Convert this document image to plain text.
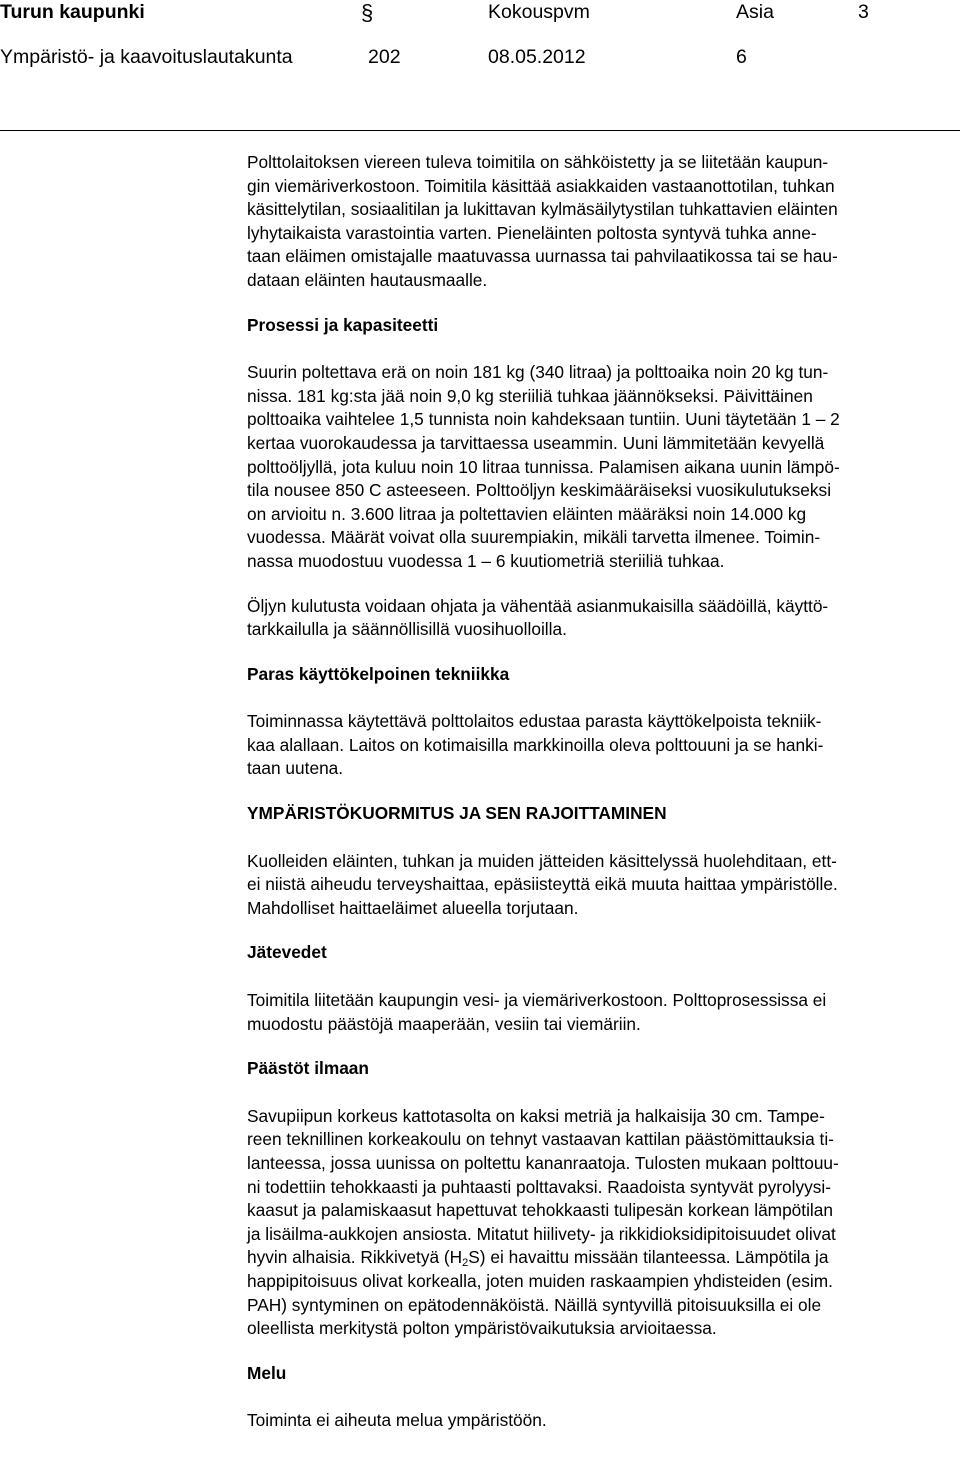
Turun kaupunki	§	Kokouspvm	Asia	3
Ympäristö- ja kaavoituslautakunta	202	08.05.2012	6

Polttolaitoksen viereen tuleva toimitila on sähköistetty ja se liitetään kaupun-

gin viemäriverkostoon. Toimitila käsittää asiakkaiden vastaanottotilan, tuhkan

käsittelytilan, sosiaalitilan ja lukittavan kylmäsäilytystilan tuhkattavien eläinten

lyhytaikaista varastointia varten. Pieneläinten poltosta syntyvä tuhka anne-

taan eläimen omistajalle maatuvassa uurnassa tai pahvilaatikossa tai se hau-

dataan eläinten hautausmaalle.

Prosessi ja kapasiteetti

Suurin poltettava erä on noin 181 kg (340 litraa) ja polttoaika noin 20 kg tun-

nissa. 181 kg:sta jää noin 9,0 kg steriiliä tuhkaa jäännökseksi. Päivittäinen

polttoaika vaihtelee 1,5 tunnista noin kahdeksaan tuntiin. Uuni täytetään 1 – 2

kertaa vuorokaudessa ja tarvittaessa useammin. Uuni lämmitetään kevyellä

polttoöljyllä, jota kuluu noin 10 litraa tunnissa. Palamisen aikana uunin lämpö-

tila nousee 850 C asteeseen. Polttoöljyn keskimääräiseksi vuosikulutukseksi

on arvioitu n. 3.600 litraa ja poltettavien eläinten määräksi noin 14.000 kg

vuodessa. Määrät voivat olla suurempiakin, mikäli tarvetta ilmenee. Toimin-

nassa muodostuu vuodessa 1 – 6 kuutiometriä steriiliä tuhkaa.

Öljyn kulutusta voidaan ohjata ja vähentää asianmukaisilla säädöillä, käyttö-

tarkkailulla ja säännöllisillä vuosihuolloilla.

Paras käyttökelpoinen tekniikka

Toiminnassa käytettävä polttolaitos edustaa parasta käyttökelpoista tekniik-

kaa alallaan. Laitos on kotimaisilla markkinoilla oleva polttouuni ja se hanki-

taan uutena.

YMPÄRISTÖKUORMITUS JA SEN RAJOITTAMINEN

Kuolleiden eläinten, tuhkan ja muiden jätteiden käsittelyssä huolehditaan, ett-

ei niistä aiheudu terveyshaittaa, epäsiisteyttä eikä muuta haittaa ympäristölle.

Mahdolliset haittaeläimet alueella torjutaan.

Jätevedet

Toimitila liitetään kaupungin vesi- ja viemäriverkostoon. Polttoprosessissa ei

muodostu päästöjä maaperään, vesiin tai viemäriin.

Päästöt ilmaan

Savupiipun korkeus kattotasolta on kaksi metriä ja halkaisija 30 cm. Tampe-

reen teknillinen korkeakoulu on tehnyt vastaavan kattilan päästömittauksia ti-

lanteessa, jossa uunissa on poltettu kananraatoja. Tulosten mukaan polttouu-

ni todettiin tehokkaasti ja puhtaasti polttavaksi. Raadoista syntyvät pyrolyysi-

kaasut ja palamiskaasut hapettuvat tehokkaasti tulipesän korkean lämpötilan

ja lisäilma-aukkojen ansiosta. Mitatut hiilivety- ja rikkidioksidipitoisuudet olivat

hyvin alhaisia. Rikkivetyä $(H_2S)$ ei havaittu missään tilanteessa. Lämpötila ja

happipitoisuus olivat korkealla, joten muiden raskaampien yhdisteiden (esim.

PAH) syntyminen on epätodennäköistä. Näillä syntyvillä pitoisuuksilla ei ole

oleellista merkitystä polton ympäristövaikutuksia arvioitaessa.

Melu

Toiminta ei aiheuta melua ympäristöön.
